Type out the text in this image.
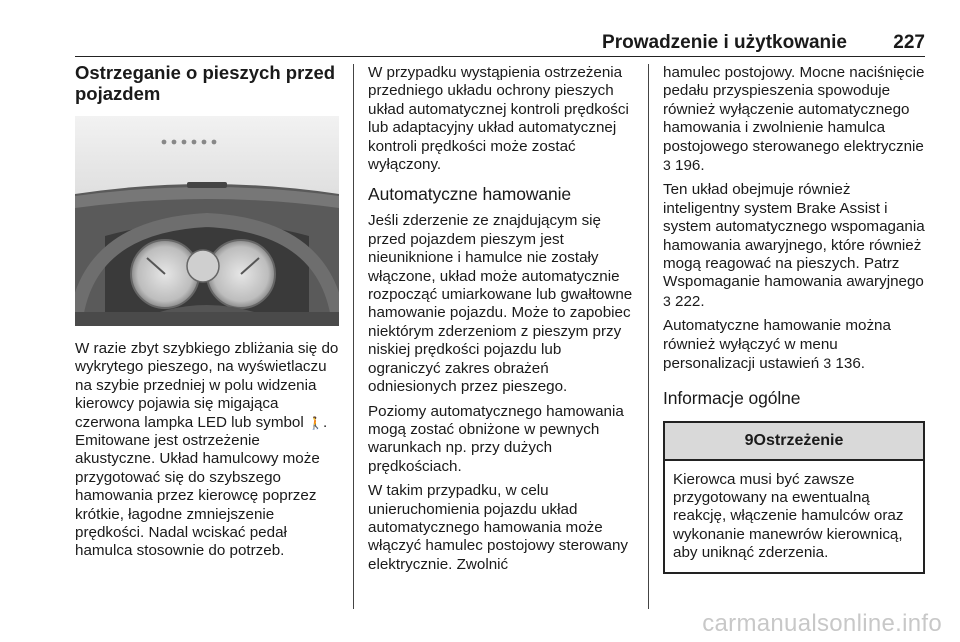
Prowadzenie i użytkowanie 227
Ostrzeganie o pieszych przed pojazdem

W razie zbyt szybkiego zbliżania się do wykrytego pieszego, na wyświetlaczu na szybie przedniej w polu widzenia kierowcy pojawia się migająca czerwona lampka LED lub symbol 🚶. Emitowane jest ostrzeżenie akustyczne. Układ hamulcowy może przygotować się do szybszego hamowania przez kierowcę poprzez krótkie, łagodne zmniejszenie prędkości. Nadal wciskać pedał hamulca stosownie do potrzeb.

W przypadku wystąpienia ostrzeżenia przedniego układu ochrony pieszych układ automatycznej kontroli prędkości lub adaptacyjny układ automatycznej kontroli prędkości może zostać wyłączony.

Automatyczne hamowanie

Jeśli zderzenie ze znajdującym się przed pojazdem pieszym jest nieuniknione i hamulce nie zostały włączone, układ może automatycznie rozpocząć umiarkowane lub gwałtowne hamowanie pojazdu. Może to zapobiec niektórym zderzeniom z pieszym przy niskiej prędkości pojazdu lub ograniczyć zakres obrażeń odniesionych przez pieszego.

Poziomy automatycznego hamowania mogą zostać obniżone w pewnych warunkach np. przy dużych prędkościach.

W takim przypadku, w celu unieruchomienia pojazdu układ automatycznego hamowania może włączyć hamulec postojowy sterowany elektrycznie. Zwolnić

hamulec postojowy. Mocne naciśnięcie pedału przyspieszenia spowoduje również wyłączenie automatycznego hamowania i zwolnienie hamulca postojowego sterowanego elektrycznie 3 196.

Ten układ obejmuje również inteligentny system Brake Assist i system automatycznego wspomagania hamowania awaryjnego, które również mogą reagować na pieszych. Patrz Wspomaganie hamowania awaryjnego 3 222.

Automatyczne hamowanie można również wyłączyć w menu personalizacji ustawień 3 136.

Informacje ogólne
9Ostrzeżenie
Kierowca musi być zawsze przygotowany na ewentualną reakcję, włączenie hamulców oraz wykonanie manewrów kierownicą, aby uniknąć zderzenia.
carmanualsonline.info
